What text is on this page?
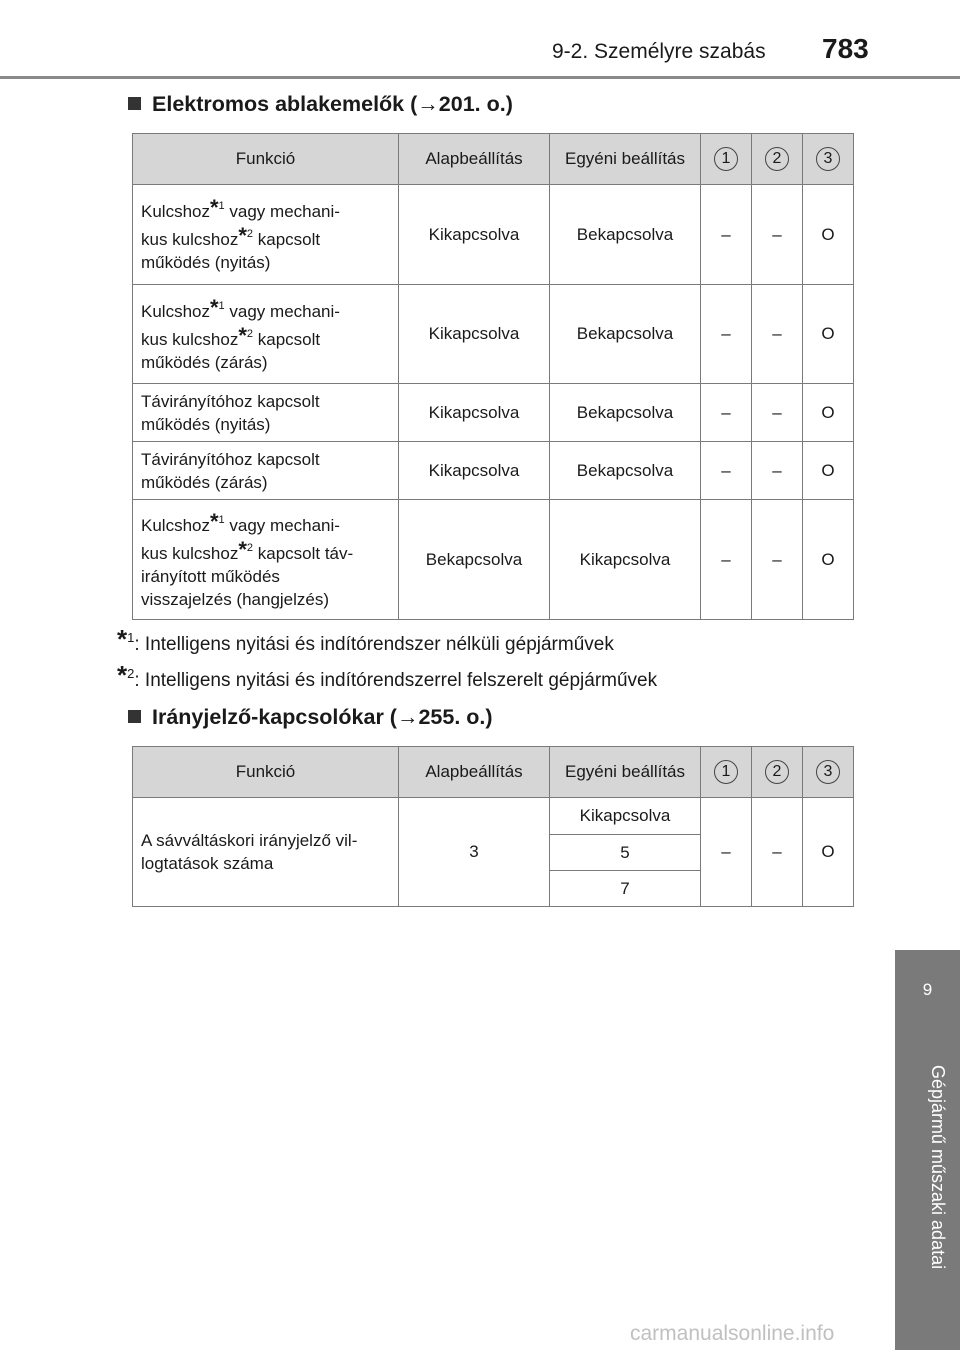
9-2. Személyre szabás 783
Elektromos ablakemelők (→201. o.)
Funkció	Alapbeállítás	Egyéni beállítás	1	2	3
Kulcshoz*$^1$ vagy mechani-
kus kulcshoz*$^2$ kapcsolt
működés (nyitás)	Kikapcsolva	Bekapcsolva	–	–	O
Kulcshoz*$^1$ vagy mechani-
kus kulcshoz*$^2$ kapcsolt
működés (zárás)	Kikapcsolva	Bekapcsolva	–	–	O
Távirányítóhoz kapcsolt
működés (nyitás)	Kikapcsolva	Bekapcsolva	–	–	O
Távirányítóhoz kapcsolt
működés (zárás)	Kikapcsolva	Bekapcsolva	–	–	O
Kulcshoz*$^1$ vagy mechani-
kus kulcshoz*$^2$ kapcsolt táv-
irányított működés
visszajelzés (hangjelzés)	Bekapcsolva	Kikapcsolva	–	–	O
*$^1$: Intelligens nyitási és indítórendszer nélküli gépjárművek
*$^2$: Intelligens nyitási és indítórendszerrel felszerelt gépjárművek
Irányjelző-kapcsolókar (→255. o.)
Funkció	Alapbeállítás	Egyéni beállítás	1	2	3
A sávváltáskori irányjelző vil-
logtatások száma	3	Kikapcsolva	–	–	O
		5			
		7			
9
Gépjármű műszaki adatai
carmanualsonline.info
